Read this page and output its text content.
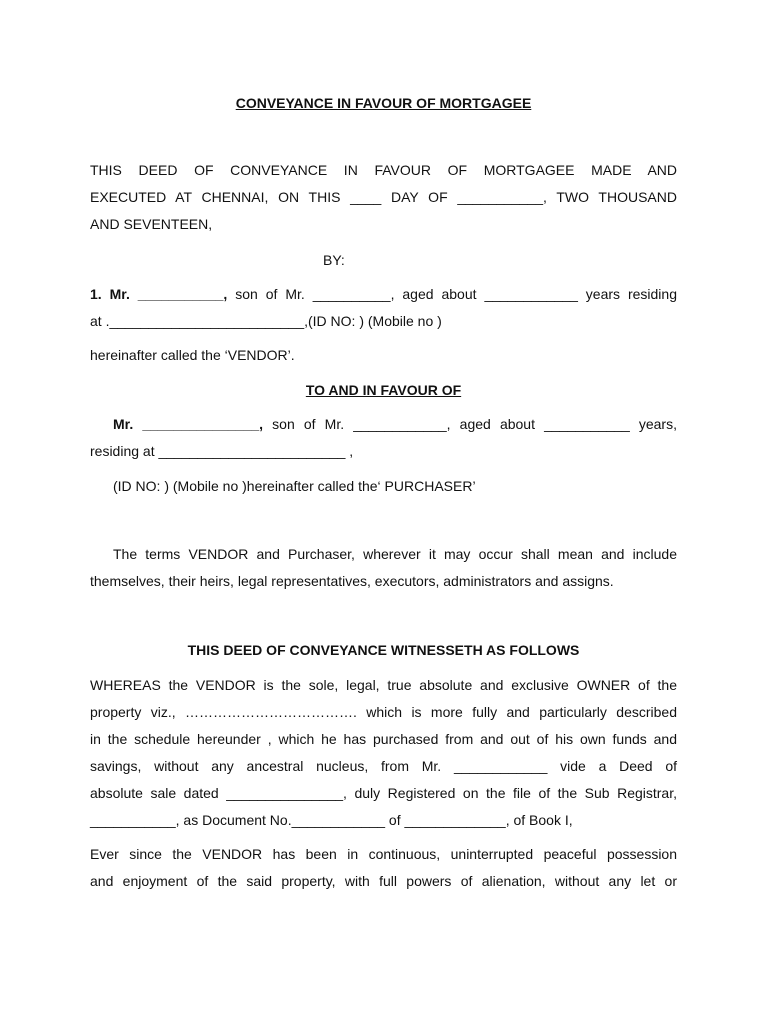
CONVEYANCE IN FAVOUR OF MORTGAGEE

THIS DEED OF CONVEYANCE IN FAVOUR OF MORTGAGEE MADE AND

EXECUTED AT CHENNAI, ON THIS ____ DAY OF ___________, TWO THOUSAND

AND SEVENTEEN,

BY:

1. Mr. ___________, son of Mr. __________, aged about ____________ years residing

at ._________________________,(ID NO: ) (Mobile no )

hereinafter called the ‘VENDOR’.

TO AND IN FAVOUR OF

Mr. _______________, son of Mr. ____________, aged about ___________ years,

residing at ________________________ ,

(ID NO: ) (Mobile no )hereinafter called the‘ PURCHASER’

The terms VENDOR and Purchaser, wherever it may occur shall mean and include

themselves, their heirs, legal representatives, executors, administrators and assigns.

THIS DEED OF CONVEYANCE WITNESSETH AS FOLLOWS

WHEREAS the VENDOR is the sole, legal, true absolute and exclusive OWNER of the

property viz., ………………………………. which is more fully and particularly described

in the schedule hereunder , which he has purchased from and out of his own funds and

savings, without any ancestral nucleus, from Mr. ____________ vide a Deed of

absolute sale dated _______________, duly Registered on the file of the Sub Registrar,

___________, as Document No.____________ of _____________, of Book I,

Ever since the VENDOR has been in continuous, uninterrupted peaceful possession

and enjoyment of the said property, with full powers of alienation, without any let or
